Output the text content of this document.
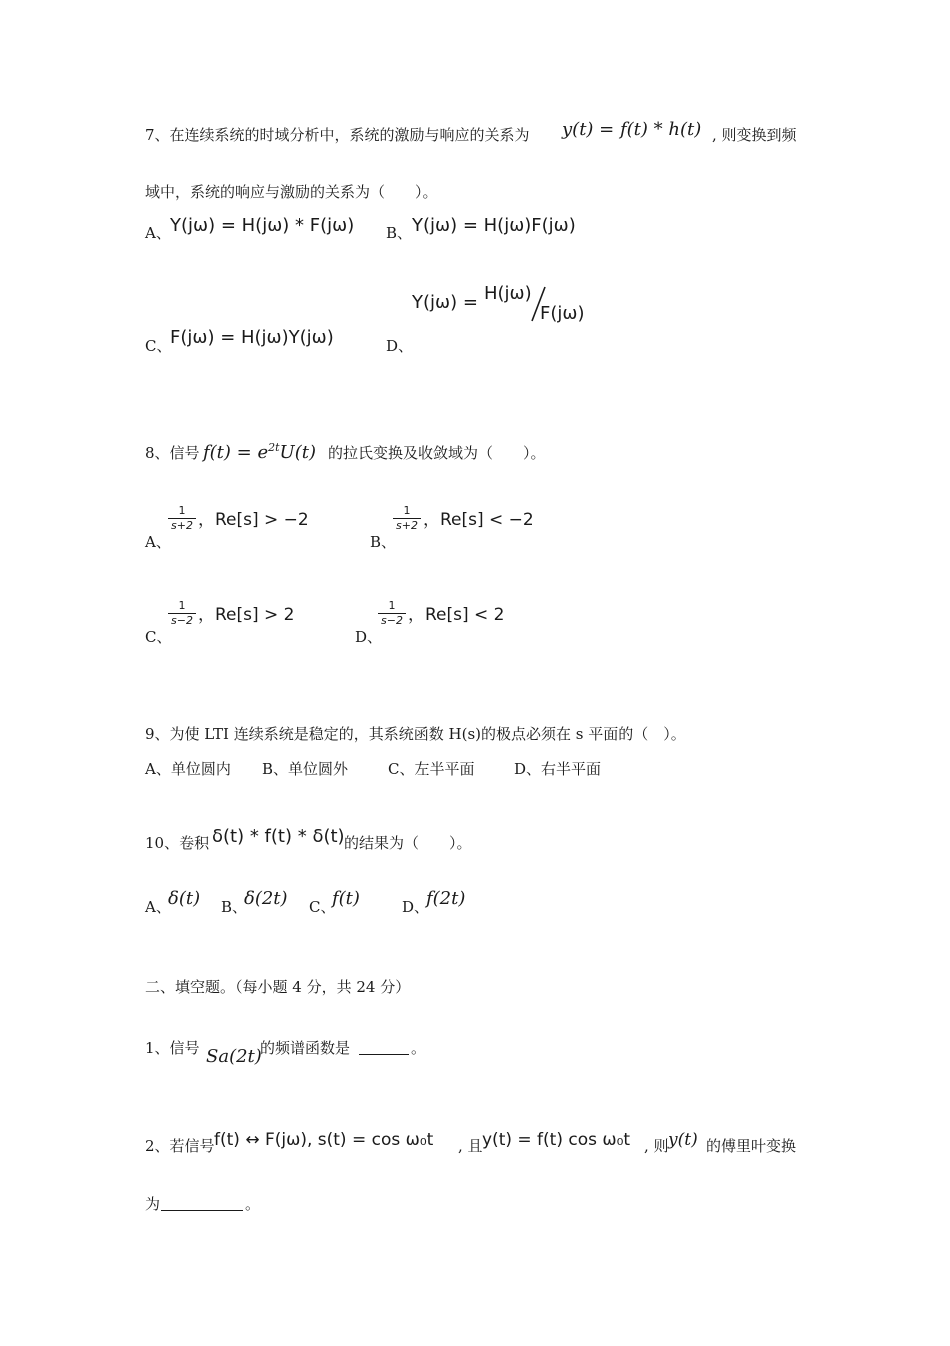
7、在连续系统的时域分析中，系统的激励与响应的关系为 y(t) = f(t) * h(t) , 则变换到频
域中，系统的响应与激励的关系为（　　）。
A、 Y(jω) = H(jω) * F(jω) B、 Y(jω) = H(jω)F(jω)
C、
F(jω) = H(jω)Y(jω)	D、
Y(jω) = H(jω)
F(jω)
8、信号 $f(t) = e^{2t}U(t)$ 的拉氏变换及收敛域为（　　）。
A、
1
s+2 ，Re[s] > −2
B、
1
s+2 ，Re[s] < −2
C、
1
s−2 ，Re[s] > 2
D、
1
s−2 ，Re[s] < 2
9、为使 LTI 连续系统是稳定的，其系统函数 H(s)的极点必须在 s 平面的（　）。
A、单位圆内 B、单位圆外	C、左半平面	D、右半平面
10、卷积 δ(t) * f(t) * δ(t) 的结果为（　　）。
A、
δ(t) B、
δ(2t) C、
f(t)	D、
f(2t)
二、填空题。（每小题 4 分，共 24 分）
1、信号 Sa(2t)
的频谱函数是	。
2、若信号 f(t) ↔ F(jω), s(t) = cos ω₀t , 且 y(t) = f(t) cos ω₀t , 则 y(t) 的傅里叶变换
为	。
